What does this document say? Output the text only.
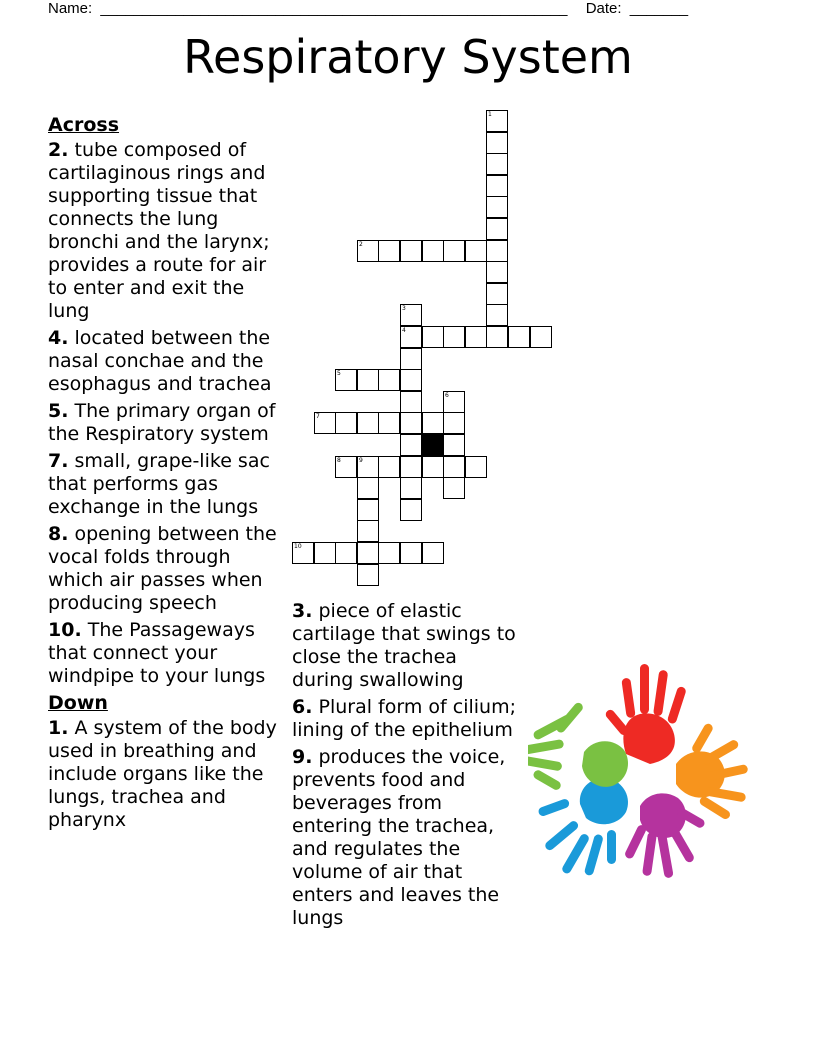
Name: ________________________________________________________ Date: _______
Respiratory System
1
2
3
4
5
6
7
8	9
10
Across
2. tube composed of cartilaginous rings and supporting tissue that connects the lung bronchi and the larynx; provides a route for air to enter and exit the lung
4. located between the nasal conchae and the esophagus and trachea
5. The primary organ of the Respiratory system
7. small, grape-like sac that performs gas exchange in the lungs
8. opening between the vocal folds through which air passes when producing speech
10. The Passageways that connect your windpipe to your lungs
Down
1. A system of the body used in breathing and include organs like the lungs, trachea and pharynx
3. piece of elastic cartilage that swings to close the trachea during swallowing
6. Plural form of cilium; lining of the epithelium
9. produces the voice, prevents food and beverages from entering the trachea, and regulates the volume of air that enters and leaves the lungs
